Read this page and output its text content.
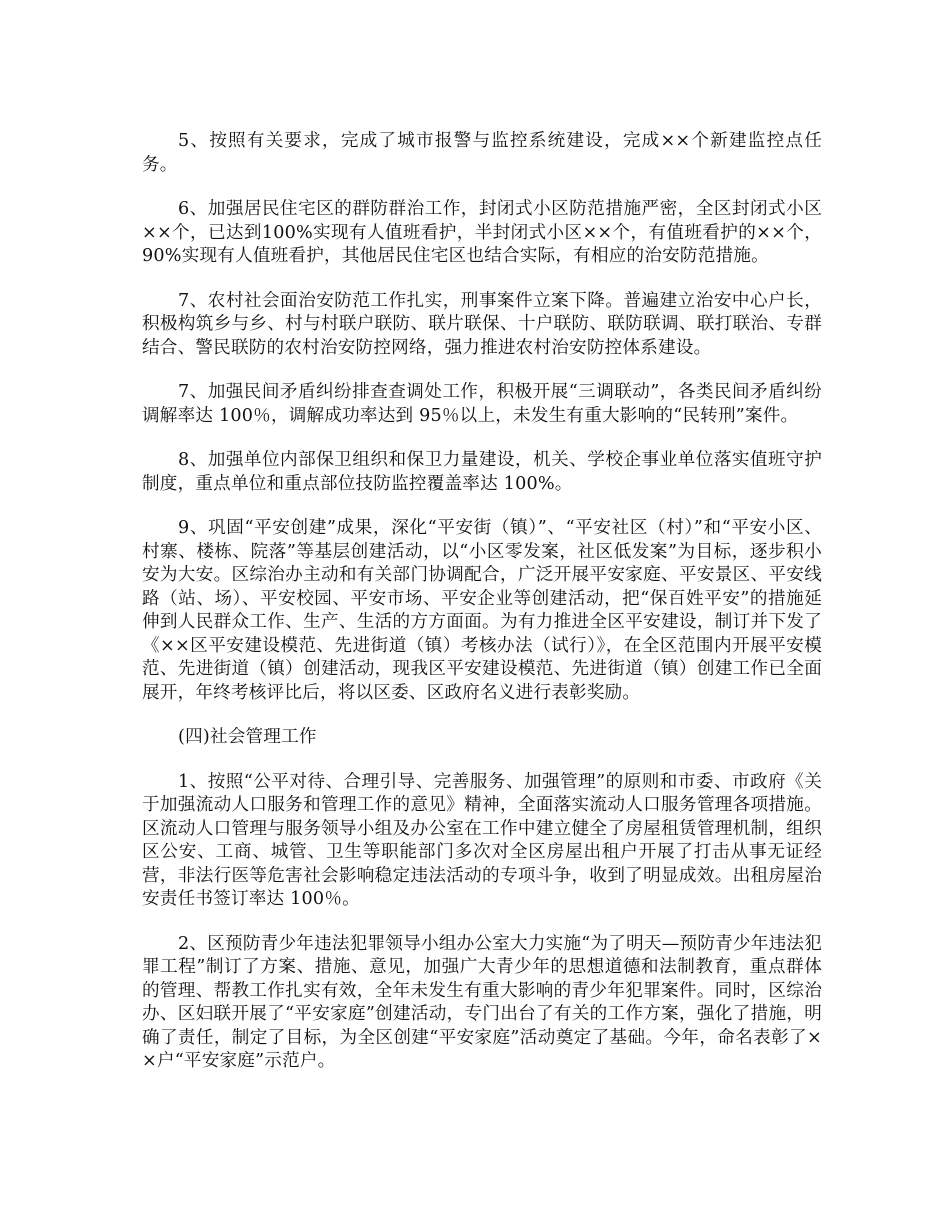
5、按照有关要求，完成了城市报警与监控系统建设，完成××个新建监控点任务。

6、加强居民住宅区的群防群治工作，封闭式小区防范措施严密，全区封闭式小区××个，已达到100%实现有人值班看护，半封闭式小区××个，有值班看护的××个，90%实现有人值班看护，其他居民住宅区也结合实际，有相应的治安防范措施。

7、农村社会面治安防范工作扎实，刑事案件立案下降。普遍建立治安中心户长，积极构筑乡与乡、村与村联户联防、联片联保、十户联防、联防联调、联打联治、专群结合、警民联防的农村治安防控网络，强力推进农村治安防控体系建设。

7、加强民间矛盾纠纷排查查调处工作，积极开展“三调联动”，各类民间矛盾纠纷调解率达 100％，调解成功率达到 95％以上，未发生有重大影响的“民转刑”案件。

8、加强单位内部保卫组织和保卫力量建设，机关、学校企事业单位落实值班守护制度，重点单位和重点部位技防监控覆盖率达 100%。

9、巩固“平安创建”成果，深化“平安街（镇）”、“平安社区（村）”和“平安小区、村寨、楼栋、院落”等基层创建活动，以“小区零发案，社区低发案”为目标，逐步积小安为大安。区综治办主动和有关部门协调配合，广泛开展平安家庭、平安景区、平安线路（站、场）、平安校园、平安市场、平安企业等创建活动，把“保百姓平安”的措施延伸到人民群众工作、生产、生活的方方面面。为有力推进全区平安建设，制订并下发了《××区平安建设模范、先进街道（镇）考核办法（试行）》，在全区范围内开展平安模范、先进街道（镇）创建活动，现我区平安建设模范、先进街道（镇）创建工作已全面展开，年终考核评比后，将以区委、区政府名义进行表彰奖励。

(四)社会管理工作

1、按照“公平对待、合理引导、完善服务、加强管理”的原则和市委、市政府《关于加强流动人口服务和管理工作的意见》精神，全面落实流动人口服务管理各项措施。区流动人口管理与服务领导小组及办公室在工作中建立健全了房屋租赁管理机制，组织区公安、工商、城管、卫生等职能部门多次对全区房屋出租户开展了打击从事无证经营，非法行医等危害社会影响稳定违法活动的专项斗争，收到了明显成效。出租房屋治安责任书签订率达 100％。

2、区预防青少年违法犯罪领导小组办公室大力实施“为了明天—预防青少年违法犯罪工程”制订了方案、措施、意见，加强广大青少年的思想道德和法制教育，重点群体的管理、帮教工作扎实有效，全年未发生有重大影响的青少年犯罪案件。同时，区综治办、区妇联开展了“平安家庭”创建活动，专门出台了有关的工作方案，强化了措施，明确了责任，制定了目标，为全区创建“平安家庭”活动奠定了基础。今年，命名表彰了××户“平安家庭”示范户。
